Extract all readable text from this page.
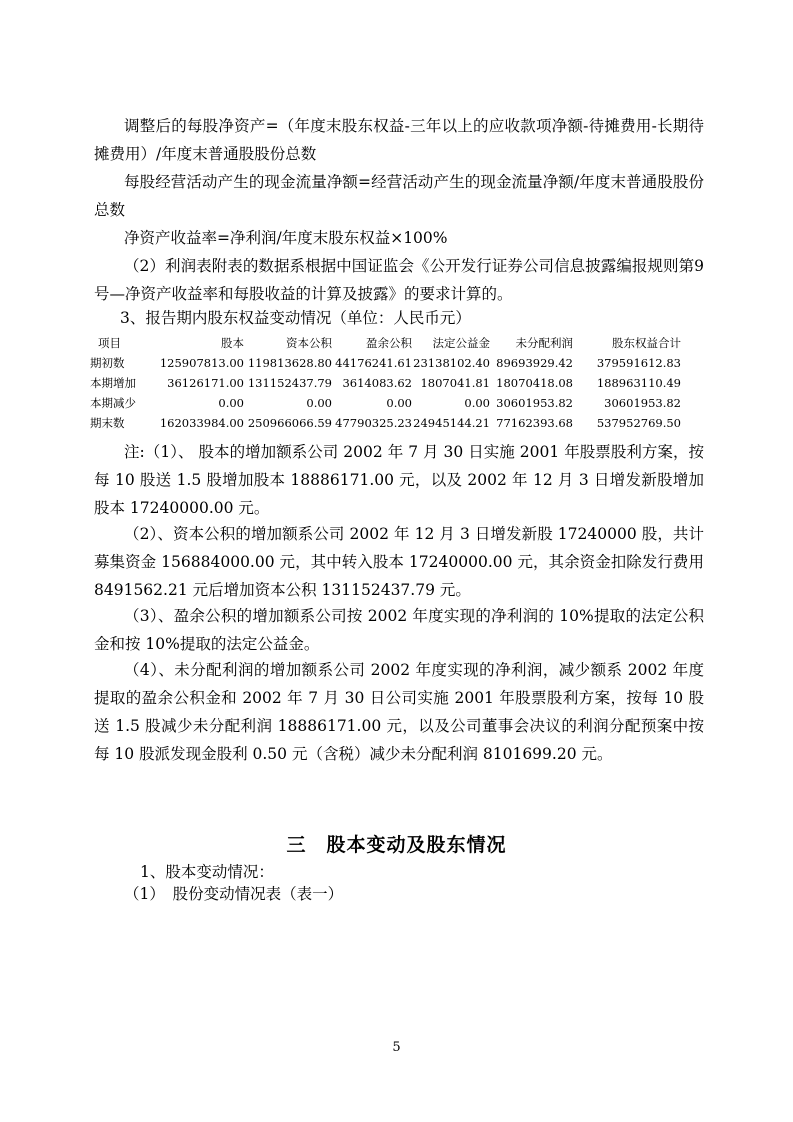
调整后的每股净资产=（年度末股东权益-三年以上的应收款项净额-待摊费用-长期待摊费用）/年度末普通股股份总数

每股经营活动产生的现金流量净额=经营活动产生的现金流量净额/年度末普通股股份总数

净资产收益率=净利润/年度末股东权益×100%

（2）利润表附表的数据系根据中国证监会《公开发行证券公司信息披露编报规则第9号—净资产收益率和每股收益的计算及披露》的要求计算的。

3、报告期内股东权益变动情况（单位：人民币元）

项目	股本	资本公积	盈余公积	法定公益金	未分配利润	股东权益合计
期初数	125907813.00	119813628.80	44176241.61	23138102.40	89693929.42	379591612.83
本期增加	36126171.00	131152437.79	3614083.62	1807041.81	18070418.08	188963110.49
本期减少	0.00	0.00	0.00	0.00	30601953.82	30601953.82
期末数	162033984.00	250966066.59	47790325.23	24945144.21	77162393.68	537952769.50

注:（1）、 股本的增加额系公司 2002 年 7 月 30 日实施 2001 年股票股利方案，按每 10 股送 1.5 股增加股本 18886171.00 元，以及 2002 年 12 月 3 日增发新股增加股本 17240000.00 元。

（2）、资本公积的增加额系公司 2002 年 12 月 3 日增发新股 17240000 股，共计募集资金 156884000.00 元，其中转入股本 17240000.00 元，其余资金扣除发行费用 8491562.21 元后增加资本公积 131152437.79 元。

（3）、盈余公积的增加额系公司按 2002 年度实现的净利润的 10%提取的法定公积金和按 10%提取的法定公益金。

（4）、未分配利润的增加额系公司 2002 年度实现的净利润，减少额系 2002 年度提取的盈余公积金和 2002 年 7 月 30 日公司实施 2001 年股票股利方案，按每 10 股送 1.5 股减少未分配利润 18886171.00 元，以及公司董事会决议的利润分配预案中按每 10 股派发现金股利 0.50 元（含税）减少未分配利润 8101699.20 元。

三　股本变动及股东情况

1、股本变动情况：

（1）　股份变动情况表（表一）

5
